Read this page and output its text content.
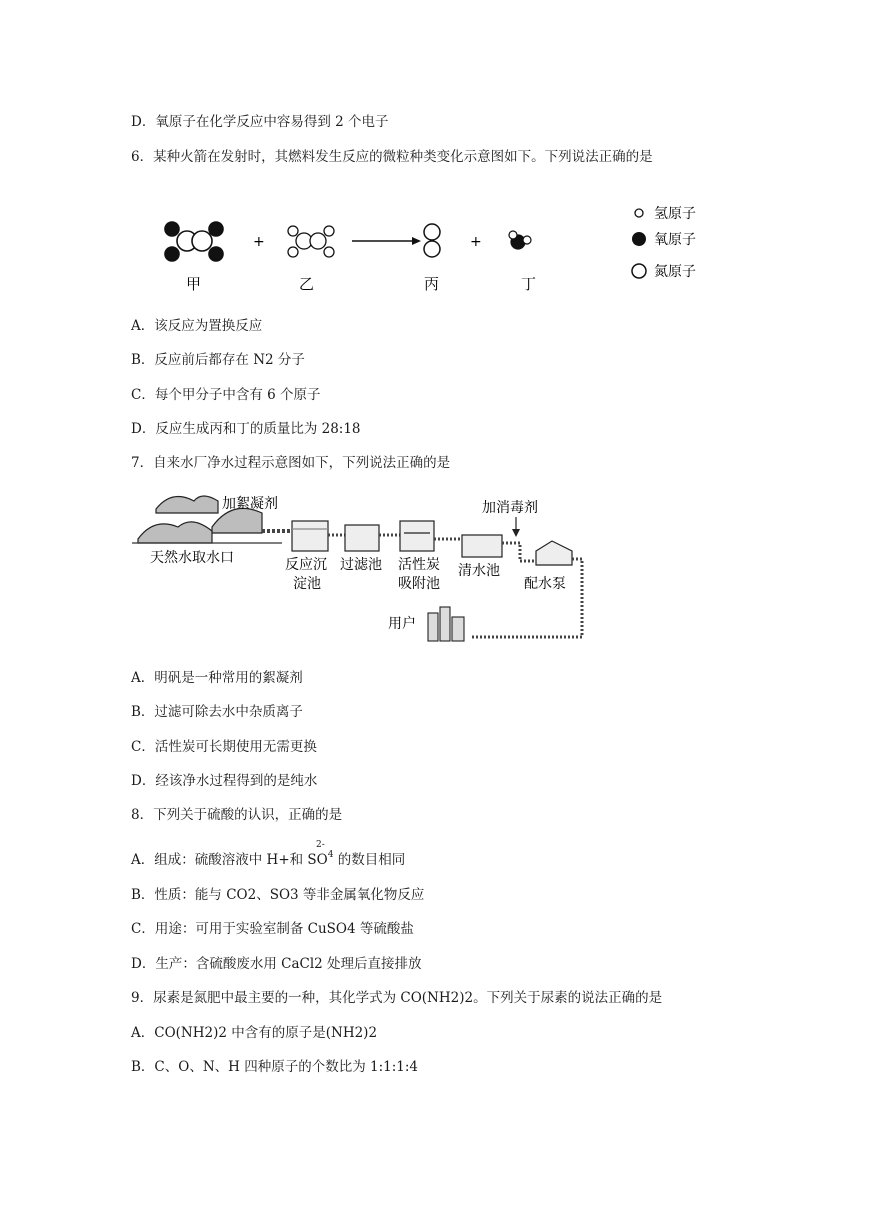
D．氧原子在化学反应中容易得到 2 个电子
6．某种火箭在发射时，其燃料发生反应的微粒种类变化示意图如下。下列说法正确的是
+	+
甲	乙	丙	丁
氢原子
氧原子
氮原子
A．该反应为置换反应
B．反应前后都存在 N2 分子
C．每个甲分子中含有 6 个原子
D．反应生成丙和丁的质量比为 28:18
7．自来水厂净水过程示意图如下，下列说法正确的是
天然水取水口
加絮凝剂
反应沉
淀池
过滤池 活性炭
吸附池
清水池
加消毒剂
配水泵
用户
A．明矾是一种常用的絮凝剂
B．过滤可除去水中杂质离子
C．活性炭可长期使用无需更换
D．经该净水过程得到的是纯水
8．下列关于硫酸的认识，正确的是
A．组成：硫酸溶液中 H+和 $SO^4$ 的数目相同
2-
B．性质：能与 CO2、SO3 等非金属氧化物反应
C．用途：可用于实验室制备 CuSO4 等硫酸盐
D．生产：含硫酸废水用 CaCl2 处理后直接排放
9．尿素是氮肥中最主要的一种，其化学式为 CO(NH2)2。下列关于尿素的说法正确的是
A．CO(NH2)2 中含有的原子是(NH2)2
B．C、O、N、H 四种原子的个数比为 1:1:1:4
